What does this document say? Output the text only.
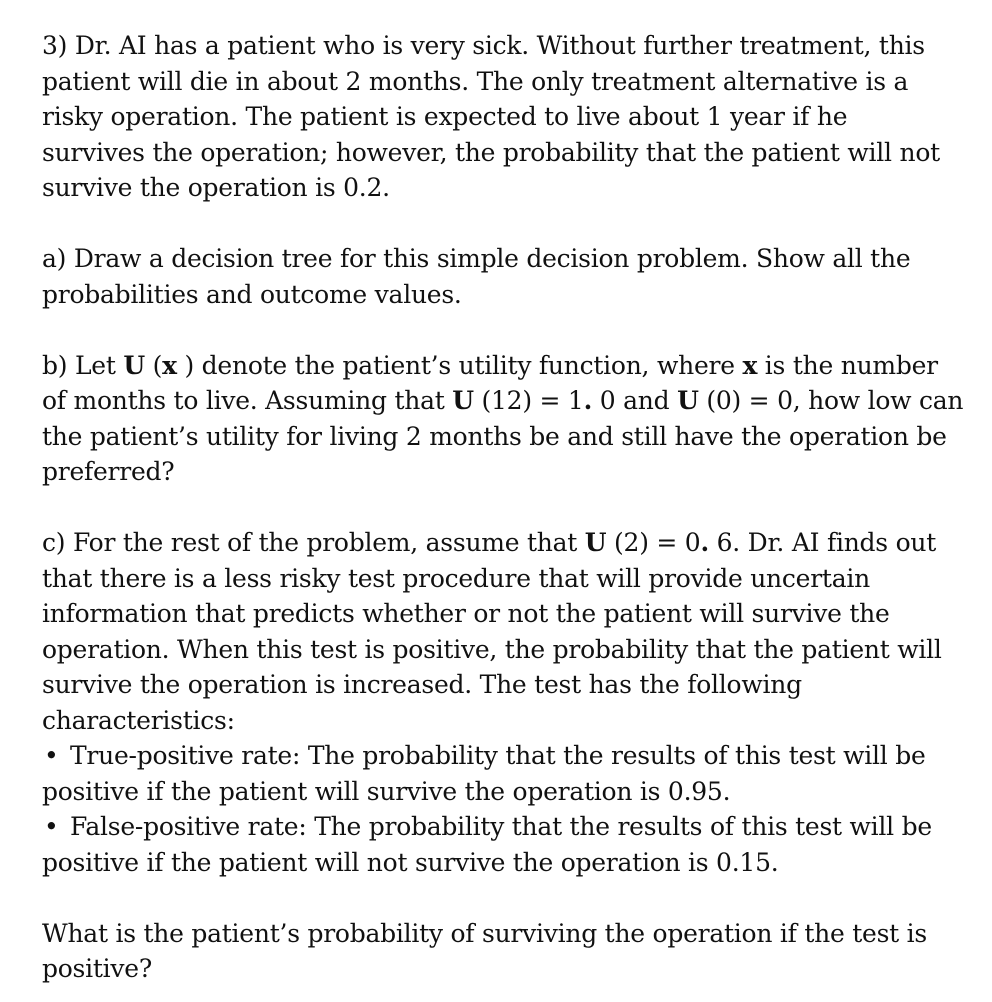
3) Dr. AI has a patient who is very sick. Without further treatment, this
patient will die in about 2 months. The only treatment alternative is a
risky operation. The patient is expected to live about 1 year if he
survives the operation; however, the probability that the patient will not
survive the operation is 0.2.

a) Draw a decision tree for this simple decision problem. Show all the
probabilities and outcome values.

b) Let U (x ) denote the patient’s utility function, where x is the number
of months to live. Assuming that U (12) = 1. 0 and U (0) = 0, how low can
the patient’s utility for living 2 months be and still have the operation be
preferred?

c) For the rest of the problem, assume that U (2) = 0. 6. Dr. AI finds out
that there is a less risky test procedure that will provide uncertain
information that predicts whether or not the patient will survive the
operation. When this test is positive, the probability that the patient will
survive the operation is increased. The test has the following
characteristics:
• True-positive rate: The probability that the results of this test will be
positive if the patient will survive the operation is 0.95.
• False-positive rate: The probability that the results of this test will be
positive if the patient will not survive the operation is 0.15.

What is the patient’s probability of surviving the operation if the test is
positive?
